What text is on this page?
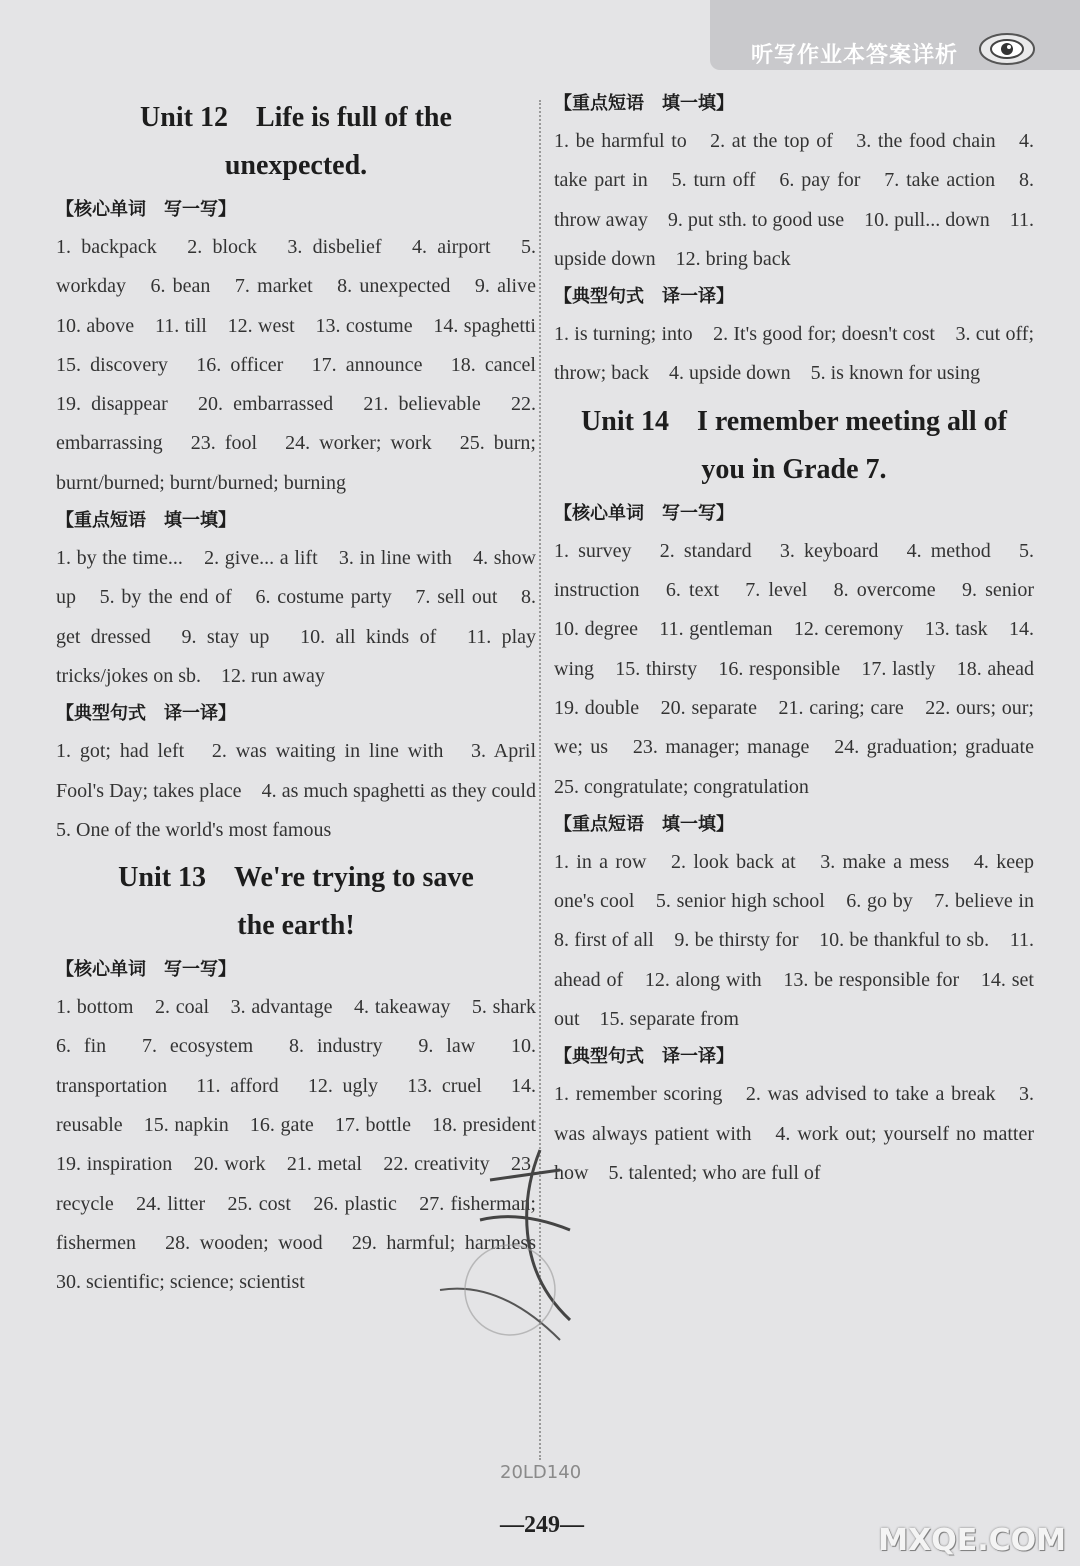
听写作业本答案详析
Unit 12　Life is full of the
unexpected.
【核心单词　写一写】
1. backpack　2. block　3. disbelief　4. airport　5. workday　6. bean　7. market　8. unexpected　9. alive　10. above　11. till　12. west　13. costume　14. spaghetti　15. discovery　16. officer　17. announce　18. cancel　19. disappear　20. embarrassed　21. believable　22. embarrassing　23. fool　24. worker; work　25. burn; burnt/burned; burnt/burned; burning
【重点短语　填一填】
1. by the time...　2. give... a lift　3. in line with　4. show up　5. by the end of　6. costume party　7. sell out　8. get dressed　9. stay up　10. all kinds of　11. play tricks/jokes on sb.　12. run away
【典型句式　译一译】
1. got; had left　2. was waiting in line with　3. April Fool's Day; takes place　4. as much spaghetti as they could　5. One of the world's most famous
Unit 13　We're trying to save
the earth!
【核心单词　写一写】
1. bottom　2. coal　3. advantage　4. takeaway　5. shark　6. fin　7. ecosystem　8. industry　9. law　10. transportation　11. afford　12. ugly　13. cruel　14. reusable　15. napkin　16. gate　17. bottle　18. president　19. inspiration　20. work　21. metal　22. creativity　23. recycle　24. litter　25. cost　26. plastic　27. fisherman; fishermen　28. wooden; wood　29. harmful; harmless　30. scientific; science; scientist
【重点短语　填一填】
1. be harmful to　2. at the top of　3. the food chain　4. take part in　5. turn off　6. pay for　7. take action　8. throw away　9. put sth. to good use　10. pull... down　11. upside down　12. bring back
【典型句式　译一译】
1. is turning; into　2. It's good for; doesn't cost　3. cut off; throw; back　4. upside down　5. is known for using
Unit 14　I remember meeting all of
you in Grade 7.
【核心单词　写一写】
1. survey　2. standard　3. keyboard　4. method　5. instruction　6. text　7. level　8. overcome　9. senior　10. degree　11. gentleman　12. ceremony　13. task　14. wing　15. thirsty　16. responsible　17. lastly　18. ahead　19. double　20. separate　21. caring; care　22. ours; our; we; us　23. manager; manage　24. graduation; graduate　25. congratulate; congratulation
【重点短语　填一填】
1. in a row　2. look back at　3. make a mess　4. keep one's cool　5. senior high school　6. go by　7. believe in　8. first of all　9. be thirsty for　10. be thankful to sb.　11. ahead of　12. along with　13. be responsible for　14. set out　15. separate from
【典型句式　译一译】
1. remember scoring　2. was advised to take a break　3. was always patient with　4. work out; yourself no matter how　5. talented; who are full of
20LD140
—249—	MXQE.COM
